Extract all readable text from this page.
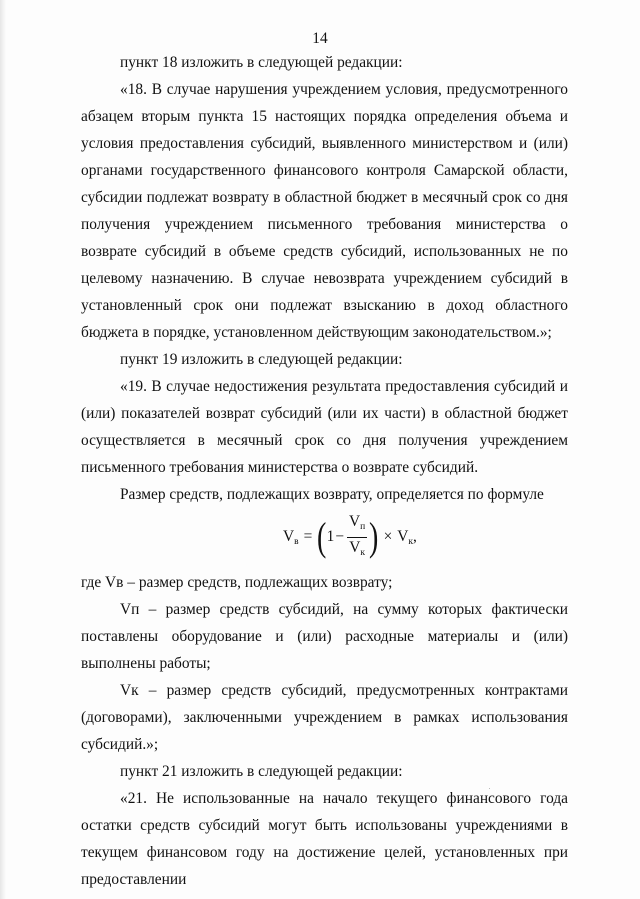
14

пункт 18 изложить в следующей редакции:

«18. В случае нарушения учреждением условия, предусмотренного абзацем вторым пункта 15 настоящих порядка определения объема и условия предоставления субсидий, выявленного министерством и (или) органами государственного финансового контроля Самарской области, субсидии подлежат возврату в областной бюджет в месячный срок со дня получения учреждением письменного требования министерства о возврате субсидий в объеме средств субсидий, использованных не по целевому назначению. В случае невозврата учреждением субсидий в установленный срок они подлежат взысканию в доход областного бюджета в порядке, установленном действующим законодательством.»;

пункт 19 изложить в следующей редакции:

«19. В случае недостижения результата предоставления субсидий и (или) показателей возврат субсидий (или их части) в областной бюджет осуществляется в месячный срок со дня получения учреждением письменного требования министерства о возврате субсидий.

Размер средств, подлежащих возврату, определяется по формуле

$V_в$ = ( $1 - \frac{V_п}{V_к}$ ) × $V_к$ ,

где Vв – размер средств, подлежащих возврату;

Vп – размер средств субсидий, на сумму которых фактически поставлены оборудование и (или) расходные материалы и (или) выполнены работы;

Vк – размер средств субсидий, предусмотренных контрактами (договорами), заключенными учреждением в рамках использования субсидий.»;

пункт 21 изложить в следующей редакции:

«21. Не использованные на начало текущего финансового года остатки средств субсидий могут быть использованы учреждениями в текущем финансовом году на достижение целей, установленных при предоставлении
